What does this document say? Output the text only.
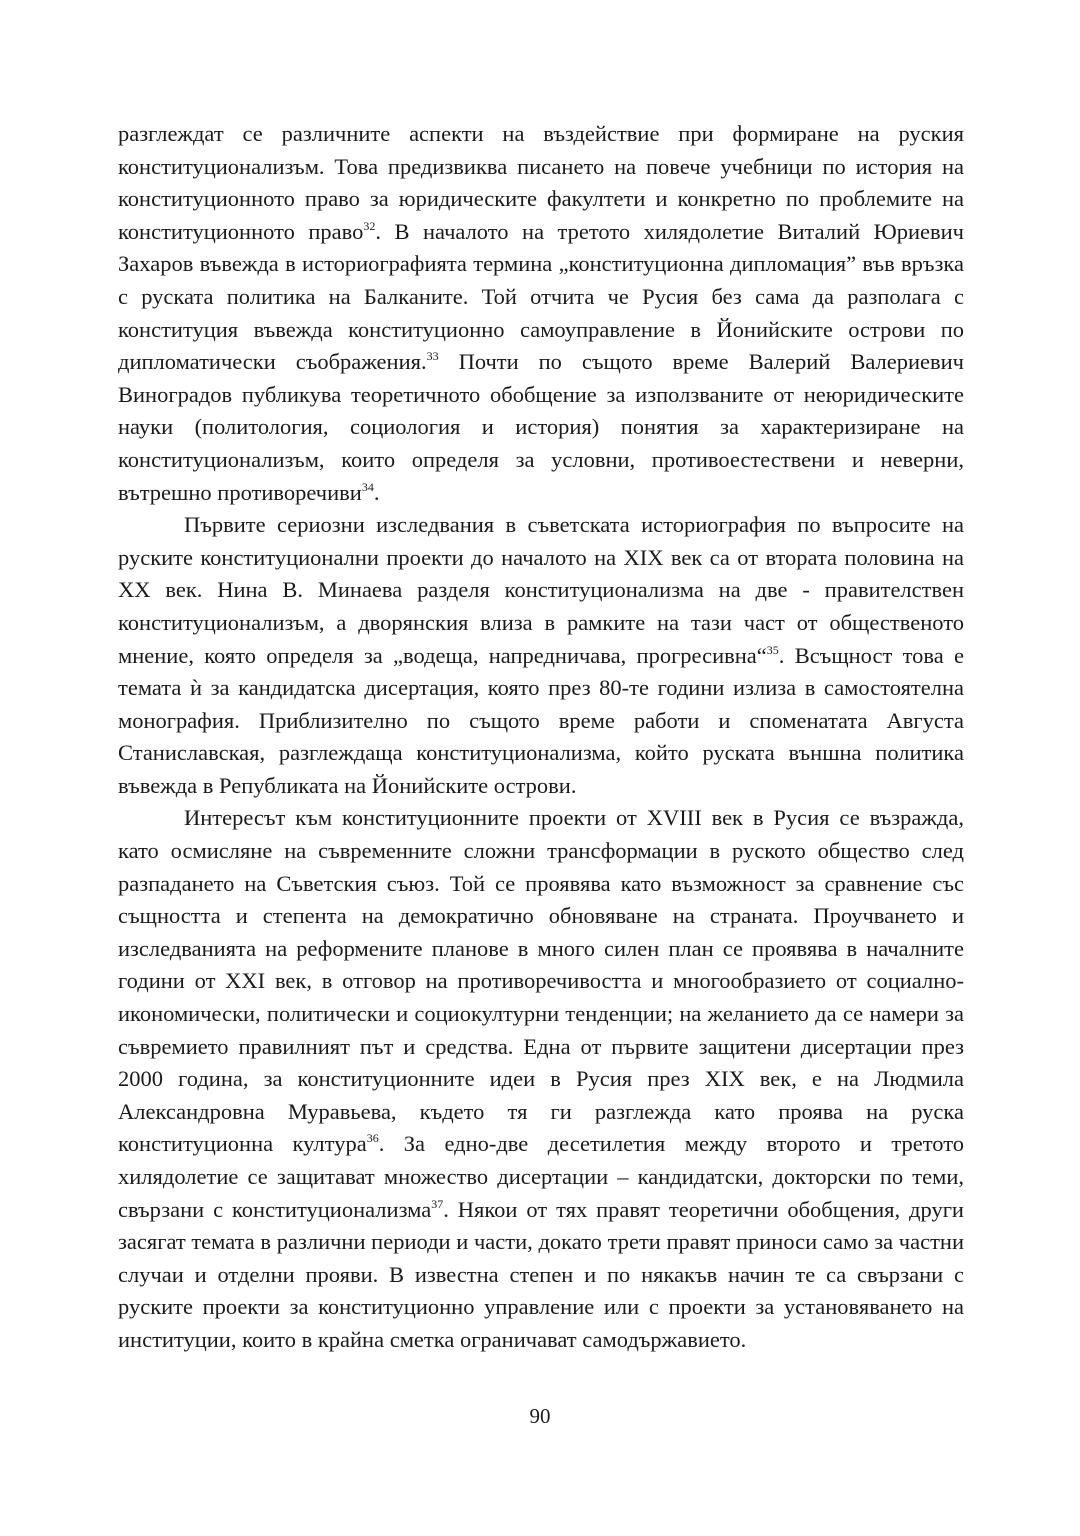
разглеждат се различните аспекти на въздействие при формиране на руския конституционализъм. Това предизвиква писането на повече учебници по история на конституционното право за юридическите факултети и конкретно по проблемите на конституционното право$^{32}$. В началото на третото хилядолетие Виталий Юриевич Захаров въвежда в историографията термина „конституционна дипломация” във връзка с руската политика на Балканите. Той отчита че Русия без сама да разполага с конституция въвежда конституционно самоуправление в Йонийските острови по дипломатически съображения.$^{33}$ Почти по същото време Валерий Валериевич Виноградов публикува теоретичното обобщение за използваните от неюридическите науки (политология, социология и история) понятия за характеризиране на конституционализъм, които определя за условни, противоестествени и неверни, вътрешно противоречиви$^{34}$.

Първите сериозни изследвания в съветската историография по въпросите на руските конституционални проекти до началото на XIX век са от втората половина на XX век. Нина В. Минаева разделя конституционализма на две - правителствен конституционализъм, а дворянския влиза в рамките на тази част от общественото мнение, която определя за „водеща, напредничава, прогресивна“$^{35}$. Всъщност това е темата ѝ за кандидатска дисертация, която през 80-те години излиза в самостоятелна монография. Приблизително по същото време работи и споменатата Августа Станиславская, разглеждаща конституционализма, който руската външна политика въвежда в Републиката на Йонийските острови.

Интересът към конституционните проекти от XVIII век в Русия се възражда, като осмисляне на съвременните сложни трансформации в руското общество след разпадането на Съветския съюз. Той се проявява като възможност за сравнение със същността и степента на демократично обновяване на страната. Проучването и изследванията на реформените планове в много силен план се проявява в началните години от XXI век, в отговор на противоречивостта и многообразието от социално-икономически, политически и социокултурни тенденции; на желанието да се намери за съвремието правилният път и средства. Една от първите защитени дисертации през 2000 година, за конституционните идеи в Русия през XIX век, е на Людмила Александровна Муравьева, където тя ги разглежда като проява на руска конституционна култура$^{36}$. За едно-две десетилетия между второто и третото хилядолетие се защитават множество дисертации – кандидатски, докторски по теми, свързани с конституционализма$^{37}$. Някои от тях правят теоретични обобщения, други засягат темата в различни периоди и части, докато трети правят приноси само за частни случаи и отделни прояви. В известна степен и по някакъв начин те са свързани с руските проекти за конституционно управление или с проекти за установяването на институции, които в крайна сметка ограничават самодържавието.

90
